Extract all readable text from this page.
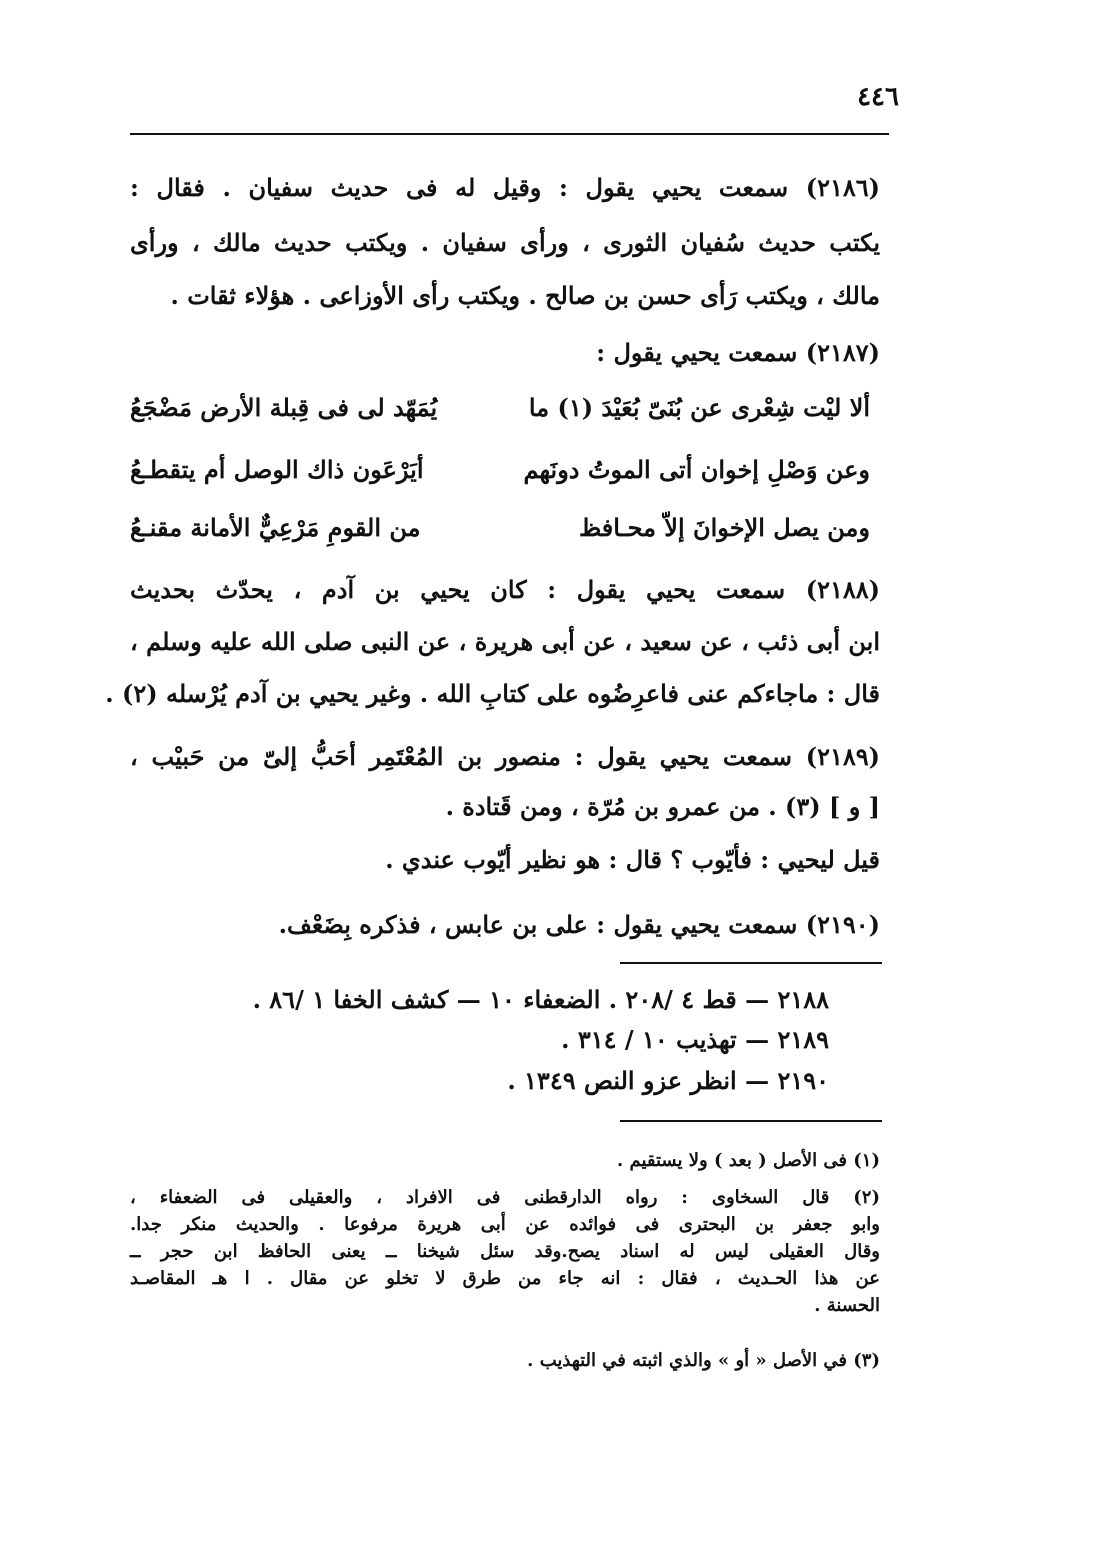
٤٤٦
(٢١٨٦) سمعت يحيي يقول : وقيل له فى حديث سفيان . فقال :
يكتب حديث سُفيان الثورى ، ورأى سفيان . ويكتب حديث مالك ، ورأى
مالك ، ويكتب رَأى حسن بن صالح . ويكتب رأى الأوزاعى . هؤلاء ثقات .
(٢١٨٧) سمعت يحيي يقول :
ألا ليْت شِعْرى عن بُنَىّ بُعَيْدَ (١) ما
يُمَهّد لى فى قِبلة الأرض مَضْجَعُ
وعن وَصْلِ إخوان أتى الموتُ دونَهم
أيَرْعَون ذاك الوصل أم يتقطـعُ
ومن يصل الإخوانَ إلاّ محـافظ
من القومِ مَرْعِيٌّ الأمانة مقنـعُ
(٢١٨٨) سمعت يحيي يقول : كان يحيي بن آدم ، يحدّث بحديث
ابن أبى ذئب ، عن سعيد ، عن أبى هريرة ، عن النبى صلى الله عليه وسلم ،
قال : ماجاءكم عنى فاعرِضُوه على كتابِ الله . وغير يحيي بن آدم يُرْسله (٢) .
(٢١٨٩) سمعت يحيي يقول : منصور بن المُعْتَمِر أحَبُّ إلىّ من حَبيْب ،
[ و ] (٣) . من عمرو بن مُرّة ، ومن قَتادة .
قيل ليحيي : فأيّوب ؟ قال : هو نظير أيّوب عندي .
(٢١٩٠) سمعت يحيي يقول : على بن عابس ، فذكره بِضَعْف.
٢١٨٨ — قط ٤ /٢٠٨ . الضعفاء ١٠ — كشف الخفا ١ /٨٦ .
٢١٨٩ — تهذيب ١٠ / ٣١٤ .
٢١٩٠ — انظر عزو النص ١٣٤٩ .
(١) فى الأصل ( بعد ) ولا يستقيم .
(٢) قال السخاوى : رواه الدارقطنى فى الافراد ، والعقيلى فى الضعفاء ،
وابو جعفر بن البحترى فى فوائده عن أبى هريرة مرفوعا . والحديث منكر جدا.
وقال العقيلى ليس له اسناد يصح.وقد سئل شيخنا ــ يعنى الحافظ ابن حجر ــ
عن هذا الحـديث ، فقال : انه جاء من طرق لا تخلو عن مقال . ا هـ المقاصـد
الحسنة .
(٣) في الأصل « أو » والذي اثبته في التهذيب .
